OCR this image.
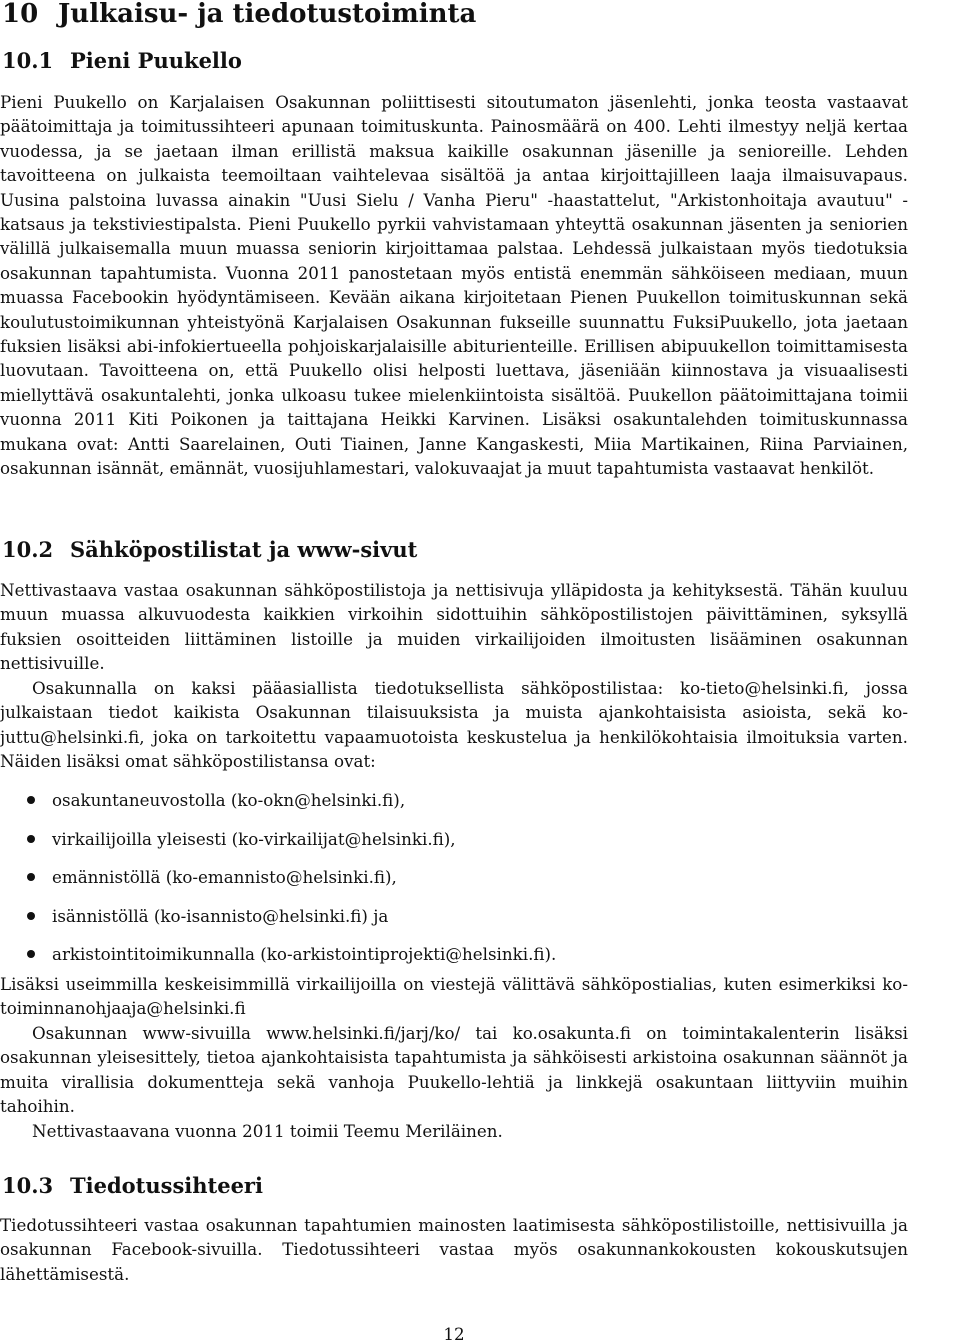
10 Julkaisu- ja tiedotustoiminta
10.1 Pieni Puukello

Pieni Puukello on Karjalaisen Osakunnan poliittisesti sitoutumaton jäsenlehti, jonka teosta vastaavat päätoimittaja ja toimitussihteeri apunaan toimituskunta. Painosmäärä on 400. Lehti ilmestyy neljä kertaa vuodessa, ja se jaetaan ilman erillistä maksua kaikille osakunnan jäsenille ja senioreille. Lehden tavoitteena on julkaista teemoiltaan vaihtelevaa sisältöä ja antaa kirjoittajilleen laaja ilmaisuvapaus. Uusina palstoina luvassa ainakin "Uusi Sielu / Vanha Pieru" -haastattelut, "Arkistonhoitaja avautuu" -katsaus ja tekstiviestipalsta. Pieni Puukello pyrkii vahvistamaan yhteyttä osakunnan jäsenten ja seniorien välillä julkaisemalla muun muassa seniorin kirjoittamaa palstaa. Lehdessä julkaistaan myös tiedotuksia osakunnan tapahtumista. Vuonna 2011 panostetaan myös entistä enemmän sähköiseen mediaan, muun muassa Facebookin hyödyntämiseen. Kevään aikana kirjoitetaan Pienen Puukellon toimituskunnan sekä koulutustoimikunnan yhteistyönä Karjalaisen Osakunnan fukseille suunnattu FuksiPuukello, jota jaetaan fuksien lisäksi abi-infokiertueella pohjoiskarjalaisille abiturienteille. Erillisen abipuukellon toimittamisesta luovutaan. Tavoitteena on, että Puukello olisi helposti luettava, jäseniään kiinnostava ja visuaalisesti miellyttävä osakuntalehti, jonka ulkoasu tukee mielenkiintoista sisältöä. Puukellon päätoimittajana toimii vuonna 2011 Kiti Poikonen ja taittajana Heikki Karvinen. Lisäksi osakuntalehden toimituskunnassa mukana ovat: Antti Saarelainen, Outi Tiainen, Janne Kangaskesti, Miia Martikainen, Riina Parviainen, osakunnan isännät, emännät, vuosijuhlamestari, valokuvaajat ja muut tapahtumista vastaavat henkilöt.

10.2 Sähköpostilistat ja www-sivut

Nettivastaava vastaa osakunnan sähköpostilistoja ja nettisivuja ylläpidosta ja kehityksestä. Tähän kuuluu muun muassa alkuvuodesta kaikkien virkoihin sidottuihin sähköpostilistojen päivittäminen, syksyllä fuksien osoitteiden liittäminen listoille ja muiden virkailijoiden ilmoitusten lisääminen osakunnan nettisivuille.

Osakunnalla on kaksi pääasiallista tiedotuksellista sähköpostilistaa: ko-tieto@helsinki.fi, jossa julkaistaan tiedot kaikista Osakunnan tilaisuuksista ja muista ajankohtaisista asioista, sekä ko-juttu@helsinki.fi, joka on tarkoitettu vapaamuotoista keskustelua ja henkilökohtaisia ilmoituksia varten. Näiden lisäksi omat sähköpostilistansa ovat:

osakuntaneuvostolla (ko-okn@helsinki.fi),
virkailijoilla yleisesti (ko-virkailijat@helsinki.fi),
emännistöllä (ko-emannisto@helsinki.fi),
isännistöllä (ko-isannisto@helsinki.fi) ja
arkistointitoimikunnalla (ko-arkistointiprojekti@helsinki.fi).

Lisäksi useimmilla keskeisimmillä virkailijoilla on viestejä välittävä sähköpostialias, kuten esimerkiksi ko-toiminnanohjaaja@helsinki.fi

Osakunnan www-sivuilla www.helsinki.fi/jarj/ko/ tai ko.osakunta.fi on toimintakalenterin lisäksi osakunnan yleisesittely, tietoa ajankohtaisista tapahtumista ja sähköisesti arkistoina osakunnan säännöt ja muita virallisia dokumentteja sekä vanhoja Puukello-lehtiä ja linkkejä osakuntaan liittyviin muihin tahoihin.

Nettivastaavana vuonna 2011 toimii Teemu Meriläinen.

10.3 Tiedotussihteeri

Tiedotussihteeri vastaa osakunnan tapahtumien mainosten laatimisesta sähköpostilistoille, nettisivuilla ja osakunnan Facebook-sivuilla. Tiedotussihteeri vastaa myös osakunnankokousten kokouskutsujen lähettämisestä.

12
